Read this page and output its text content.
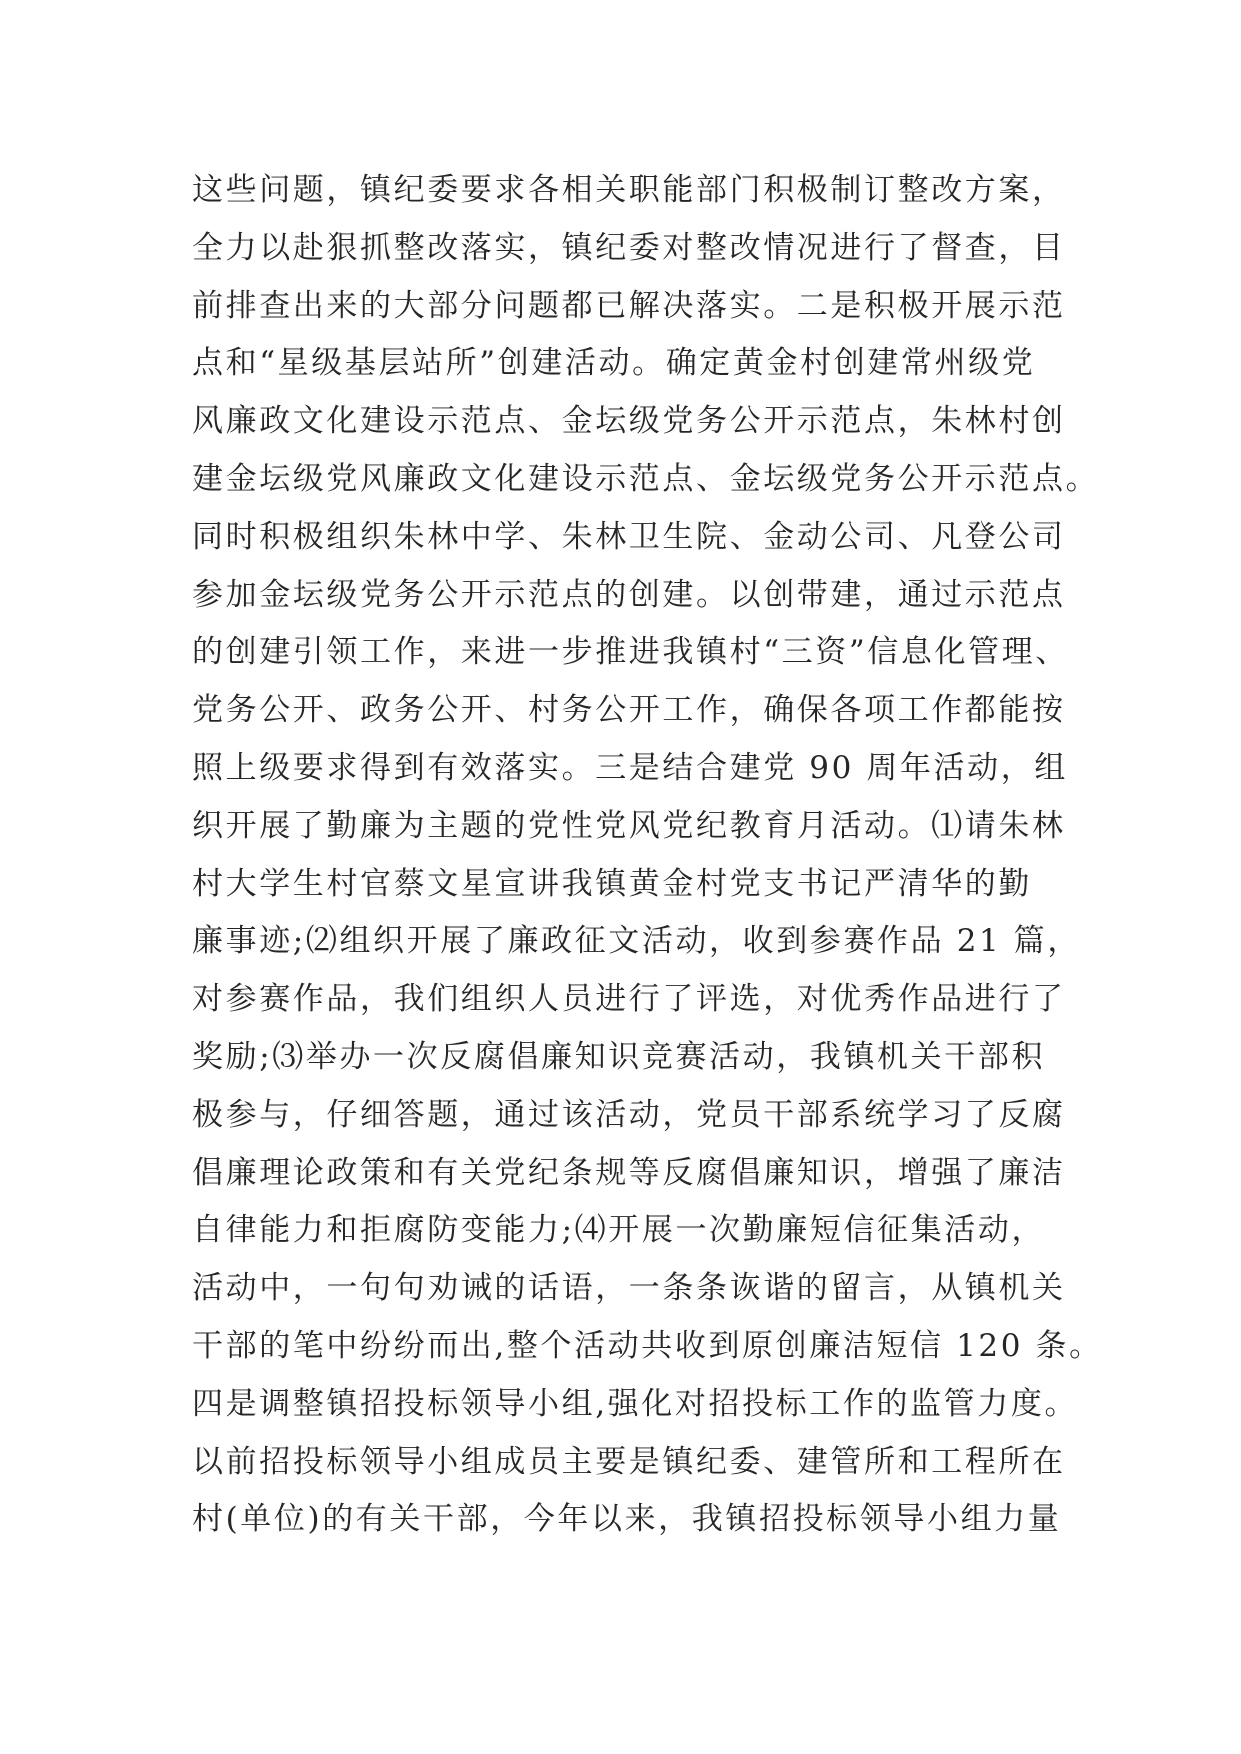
这些问题，镇纪委要求各相关职能部门积极制订整改方案，
全力以赴狠抓整改落实，镇纪委对整改情况进行了督查，目
前排查出来的大部分问题都已解决落实。二是积极开展示范
点和“星级基层站所”创建活动。确定黄金村创建常州级党
风廉政文化建设示范点、金坛级党务公开示范点，朱林村创
建金坛级党风廉政文化建设示范点、金坛级党务公开示范点。
同时积极组织朱林中学、朱林卫生院、金动公司、凡登公司
参加金坛级党务公开示范点的创建。以创带建，通过示范点
的创建引领工作，来进一步推进我镇村“三资”信息化管理、
党务公开、政务公开、村务公开工作，确保各项工作都能按
照上级要求得到有效落实。三是结合建党 90 周年活动，组
织开展了勤廉为主题的党性党风党纪教育月活动。⑴请朱林
村大学生村官蔡文星宣讲我镇黄金村党支书记严清华的勤
廉事迹;⑵组织开展了廉政征文活动，收到参赛作品 21 篇，
对参赛作品，我们组织人员进行了评选，对优秀作品进行了
奖励;⑶举办一次反腐倡廉知识竞赛活动，我镇机关干部积
极参与，仔细答题，通过该活动，党员干部系统学习了反腐
倡廉理论政策和有关党纪条规等反腐倡廉知识，增强了廉洁
自律能力和拒腐防变能力;⑷开展一次勤廉短信征集活动，
活动中，一句句劝诫的话语，一条条诙谐的留言，从镇机关
干部的笔中纷纷而出,整个活动共收到原创廉洁短信 120 条。
四是调整镇招投标领导小组,强化对招投标工作的监管力度。
以前招投标领导小组成员主要是镇纪委、建管所和工程所在
村(单位)的有关干部，今年以来，我镇招投标领导小组力量
